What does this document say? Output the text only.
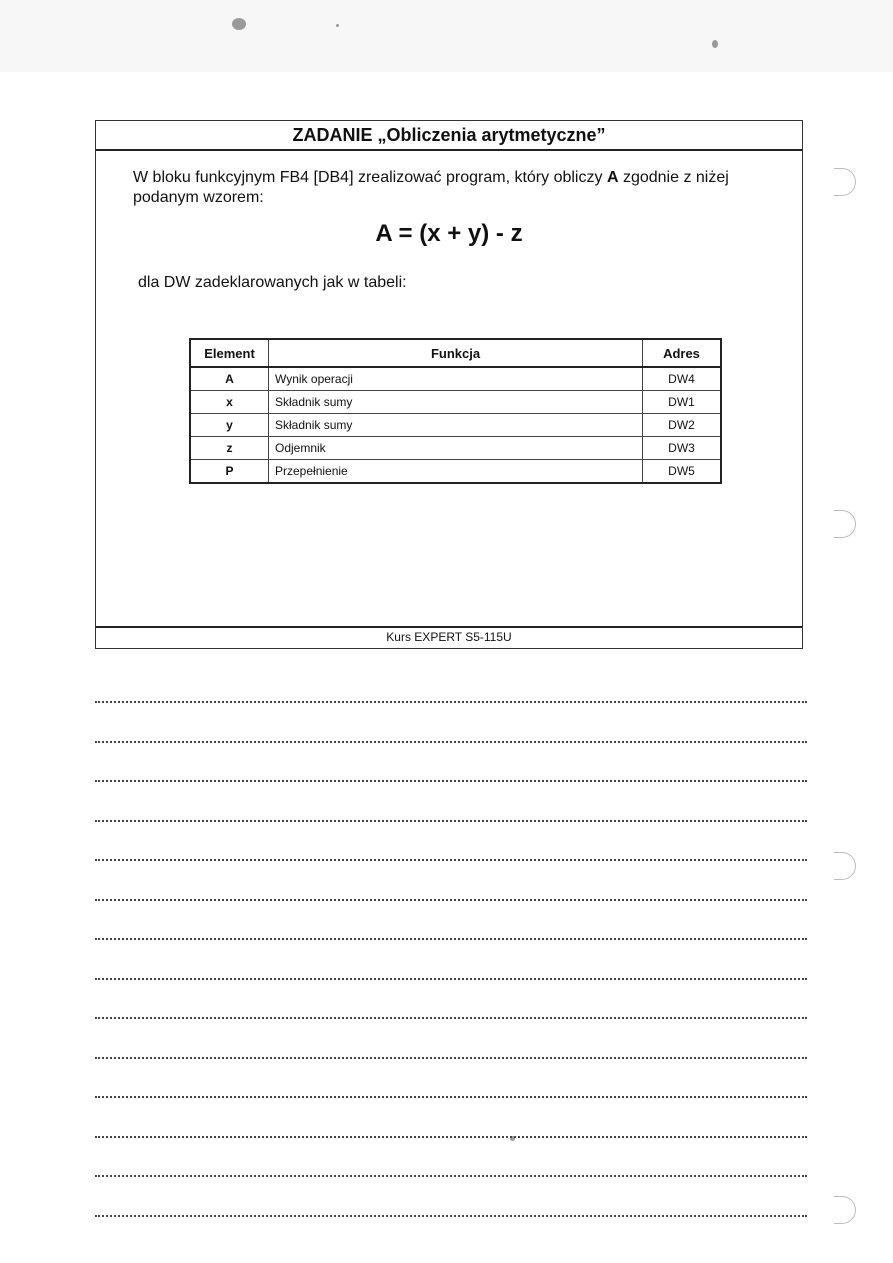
ZADANIE „Obliczenia arytmetyczne”

W bloku funkcyjnym FB4 [DB4] zrealizować program, który obliczy A zgodnie z niżej podanym wzorem:

A = (x + y) - z
dla DW zadeklarowanych jak w tabeli:
Element	Funkcja	Adres
A	Wynik operacji	DW4
x	Składnik sumy	DW1
y	Składnik sumy	DW2
z	Odjemnik	DW3
P	Przepełnienie	DW5
Kurs EXPERT S5-115U
